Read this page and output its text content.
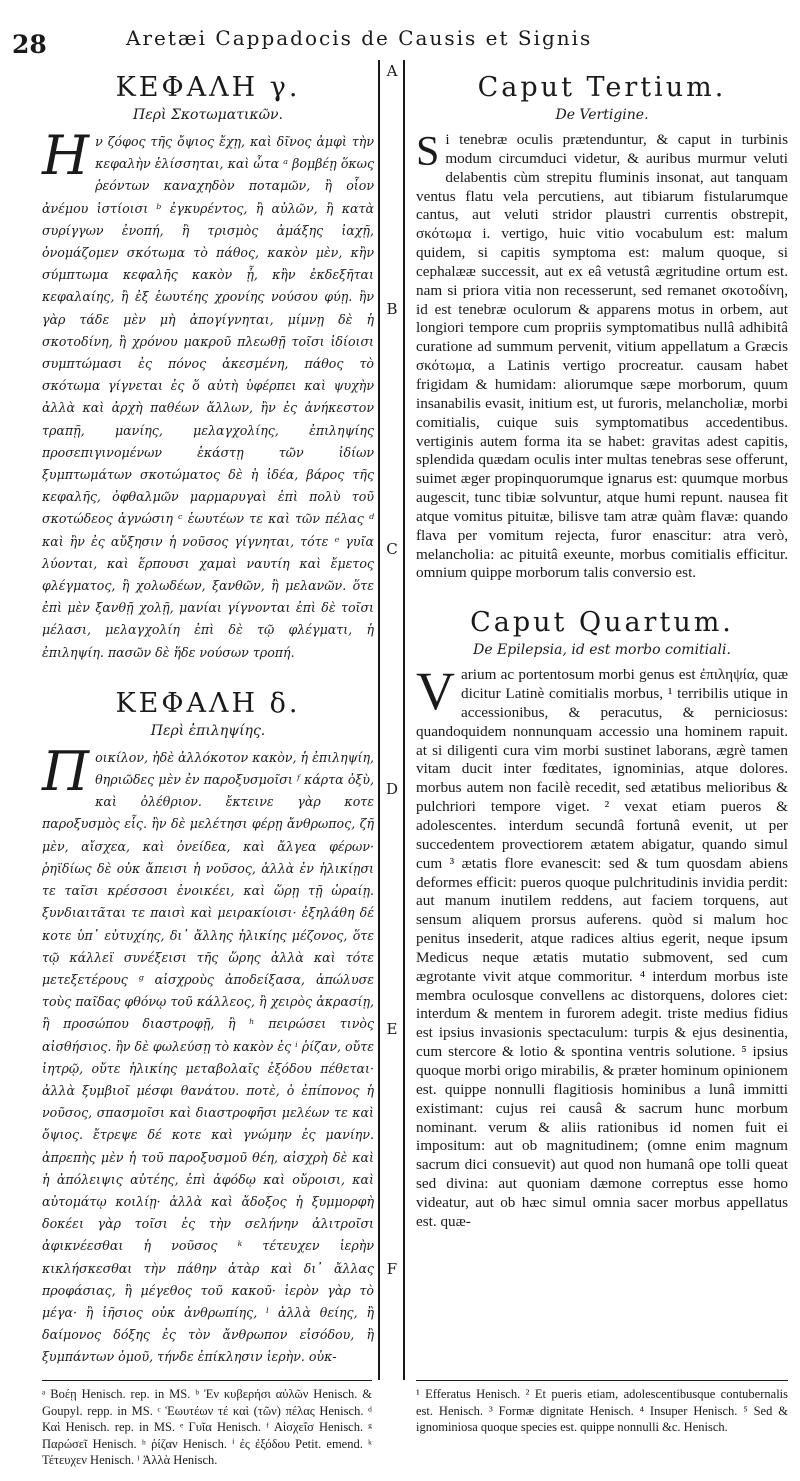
28	Aretæi Cappadocis de Causis et Signis
A
B
C
D
E
F
ΚΕΦΑΛΗ γ.
Περὶ Σκοτωματικῶν.

Ην ζόφος τῆς ὄψιος ἔχῃ, καὶ δῖνος ἀμφὶ τὴν κεφαλὴν ἑλίσσηται, καὶ ὦτα ᵃ βομβέῃ ὅκως ῥεόντων καναχηδὸν ποταμῶν, ἢ οἷον ἀνέμου ἱστίοισι ᵇ ἐγκυρέντος, ἢ αὐλῶν, ἢ κατὰ συρίγγων ἐνοπή, ἢ τρισμὸς ἀμάξης ἰαχῇ, ὀνομάζομεν σκότωμα τὸ πάθος, κακὸν μὲν, κἢν σύμπτωμα κεφαλῆς κακὸν ᾖ, κἢν ἐκδεξῆται κεφαλαίης, ἢ ἐξ ἑωυτέης χρονίης νούσου φύῃ. ἢν γὰρ τάδε μὲν μὴ ἀπογίγνηται, μίμνῃ δὲ ἡ σκοτοδίνη, ἢ χρόνου μακροῦ πλεωθῇ τοῖσι ἰδίοισι συμπτώμασι ἐς πόνος ἀκεσμένη, πάθος τὸ σκότωμα γίγνεται ἐς ὅ αὐτὴ ὑφέρπει καὶ ψυχὴν ἀλλὰ καὶ ἀρχὴ παθέων ἄλλων, ἢν ἐς ἀνήκεστον τραπῇ, μανίης, μελαγχολίης, ἐπιληψίης προσεπιγινομένων ἑκάστῃ τῶν ἰδίων ξυμπτωμάτων σκοτώματος δὲ ἡ ἰδέα, βάρος τῆς κεφαλῆς, ὀφθαλμῶν μαρμαρυγαὶ ἐπὶ πολὺ τοῦ σκοτώδεος ἀγνώσιη ᶜ ἑωυτέων τε καὶ τῶν πέλας ᵈ καὶ ἢν ἐς αὔξησιν ἡ νοῦσος γίγνηται, τότε ᵉ γυῖα λύονται, καὶ ἕρπουσι χαμαὶ ναυτίη καὶ ἔμετος φλέγματος, ἢ χολωδέων, ξανθῶν, ἢ μελανῶν. ὅτε ἐπὶ μὲν ξανθῇ χολῇ, μανίαι γίγνονται ἐπὶ δὲ τοῖσι μέλασι, μελαγχολίη ἐπὶ δὲ τῷ φλέγματι, ἡ ἐπιληψίη. πασῶν δὲ ἥδε νούσων τροπή.

ΚΕΦΑΛΗ δ.
Περὶ ἐπιληψίης.

Ποικίλον, ἠδὲ ἀλλόκοτον κακὸν, ἡ ἐπιληψίη, θηριῶδες μὲν ἐν παροξυσμοῖσι ᶠ κάρτα ὀξὺ, καὶ ὀλέθριον. ἔκτεινε γὰρ κοτε παροξυσμὸς εἷς. ἢν δὲ μελέτησι φέρῃ ἄνθρωπος, ζῆ μὲν, αἴσχεα, καὶ ὀνείδεα, καὶ ἄλγεα φέρων· ῥηϊδίως δὲ οὐκ ἄπεισι ἡ νοῦσος, ἀλλὰ ἐν ἡλικίῃσι τε ταῖσι κρέσσοσι ἐνοικέει, καὶ ὥρῃ τῇ ὡραίῃ. ξυνδιαιτᾶται τε παισὶ καὶ μειρακίοισι· ἐξηλάθη δέ κοτε ὑπ᾽ εὐτυχίης, δι᾽ ἄλλης ἡλικίης μέζονος, ὅτε τῷ κάλλεϊ συνέξεισι τῆς ὥρης ἀλλὰ καὶ τότε μετεξετέρους ᵍ αἰσχροὺς ἀποδείξασα, ἀπώλυσε τοὺς παῖδας φθόνῳ τοῦ κάλλεος, ἢ χειρὸς ἀκρασίῃ, ἢ προσώπου διαστροφῇ, ἢ ʰ πειρώσει τινὸς αἰσθήσιος. ἢν δὲ φωλεύσῃ τὸ κακὸν ἐς ⁱ ῥίζαν, οὔτε ἰητρῷ, οὔτε ἡλικίης μεταβολαῖς ἐξόδου πέθεται· ἀλλὰ ξυμβιοῖ μέσφι θανάτου. ποτὲ, ὁ ἐπίπονος ἡ νοῦσος, σπασμοῖσι καὶ διαστροφῆσι μελέων τε καὶ ὄψιος. ἔτρεψε δέ κοτε καὶ γνώμην ἐς μανίην. ἀπρεπὴς μὲν ἡ τοῦ παροξυσμοῦ θέη, αἰσχρὴ δὲ καὶ ἡ ἀπόλειψις αὐτέης, ἐπὶ ἀφόδῳ καὶ οὔροισι, καὶ αὐτομάτῳ κοιλίῃ· ἀλλὰ καὶ ἄδοξος ἡ ξυμμορφὴ δοκέει γὰρ τοῖσι ἐς τὴν σελήνην ἀλιτροῖσι ἀφικνέεσθαι ἡ νοῦσος ᵏ τέτευχεν ἱερὴν κικλήσκεσθαι τὴν πάθην ἀτὰρ καὶ δι᾽ ἄλλας προφάσιας, ἢ μέγεθος τοῦ κακοῦ· ἱερὸν γὰρ τὸ μέγα· ἢ ἰῆσιος οὐκ ἀνθρωπίης, ˡ ἀλλὰ θείης, ἢ δαίμονος δόξης ἐς τὸν ἄνθρωπον εἰσόδου, ἢ ξυμπάντων ὁμοῦ, τήνδε ἐπίκλησιν ἱερὴν. οὐκ-

Caput Tertium.
De Vertigine.

Si tenebræ oculis prætenduntur, & caput in turbinis modum circumduci videtur, & auribus murmur veluti delabentis cùm strepitu fluminis insonat, aut tanquam ventus flatu vela percutiens, aut tibiarum fistularumque cantus, aut veluti stridor plaustri currentis obstrepit, σκότωμα i. vertigo, huic vitio vocabulum est: malum quidem, si capitis symptoma est: malum quoque, si cephalææ successit, aut ex eâ vetustâ ægritudine ortum est. nam si priora vitia non recesserunt, sed remanet σκοτοδίνη, id est tenebræ oculorum & apparens motus in orbem, aut longiori tempore cum propriis symptomatibus nullâ adhibitâ curatione ad summum pervenit, vitium appellatum a Græcis σκότωμα, a Latinis vertigo procreatur. causam habet frigidam & humidam: aliorumque sæpe morborum, quum insanabilis evasit, initium est, ut furoris, melancholiæ, morbi comitialis, cuique suis symptomatibus accedentibus. vertiginis autem forma ita se habet: gravitas adest capitis, splendida quædam oculis inter multas tenebras sese offerunt, suimet æger propinquorumque ignarus est: quumque morbus augescit, tunc tibiæ solvuntur, atque humi repunt. nausea fit atque vomitus pituitæ, bilisve tam atræ quàm flavæ: quando flava per vomitum rejecta, furor enascitur: atra verò, melancholia: ac pituitâ exeunte, morbus comitialis efficitur. omnium quippe morborum talis conversio est.

Caput Quartum.
De Epilepsia, id est morbo comitiali.

Varium ac portentosum morbi genus est ἐπιληψία, quæ dicitur Latinè comitialis morbus, ¹ terribilis utique in accessionibus, & peracutus, & perniciosus: quandoquidem nonnunquam accessio una hominem rapuit. at si diligenti cura vim morbi sustinet laborans, ægrè tamen vitam ducit inter fœditates, ignominias, atque dolores. morbus autem non facilè recedit, sed ætatibus melioribus & pulchriori tempore viget. ² vexat etiam pueros & adolescentes. interdum secundâ fortunâ evenit, ut per succedentem provectiorem ætatem abigatur, quando simul cum ³ ætatis flore evanescit: sed & tum quosdam abiens deformes efficit: pueros quoque pulchritudinis invidia perdit: aut manum inutilem reddens, aut faciem torquens, aut sensum aliquem prorsus auferens. quòd si malum hoc penitus insederit, atque radices altius egerit, neque ipsum Medicus neque ætatis mutatio submovent, sed cum ægrotante vivit atque commoritur. ⁴ interdum morbus iste membra oculosque convellens ac distorquens, dolores ciet: interdum & mentem in furorem adegit. triste medius fidius est ipsius invasionis spectaculum: turpis & ejus desinentia, cum stercore & lotio & spontina ventris solutione. ⁵ ipsius quoque morbi origo mirabilis, & præter hominum opinionem est. quippe nonnulli flagitiosis hominibus a lunâ immitti existimant: cujus rei causâ & sacrum hunc morbum nominant. verum & aliis rationibus id nomen fuit ei impositum: aut ob magnitudinem; (omne enim magnum sacrum dici consuevit) aut quod non humanâ ope tolli queat sed divina: aut quoniam dæmone correptus esse homo videatur, aut ob hæc simul omnia sacer morbus appellatus est. quæ-

ᵃ Βοέῃ Henisch. rep. in MS. ᵇ Ἐν κυβερήσι αὐλῶν Henisch. & Goupyl. repp. in MS. ᶜ Ἑωυτέων τέ καὶ (τῶν) πέλας Henisch. ᵈ Καὶ Henisch. rep. in MS. ᵉ Γυῖα Henisch. ᶠ Αἰσχεΐσ Henisch. ᵍ Παρώσεῖ Henisch. ʰ ῥίζαν Henisch. ⁱ ἐς ἐξόδου Petit. emend. ᵏ Τέτευχεν Henisch. ˡ Ἀλλὰ Henisch.

¹ Efferatus Henisch. ² Et pueris etiam, adolescentibusque contubernalis est. Henisch. ³ Formæ dignitate Henisch. ⁴ Insuper Henisch. ⁵ Sed & ignominiosa quoque species est. quippe nonnulli &c. Henisch.
